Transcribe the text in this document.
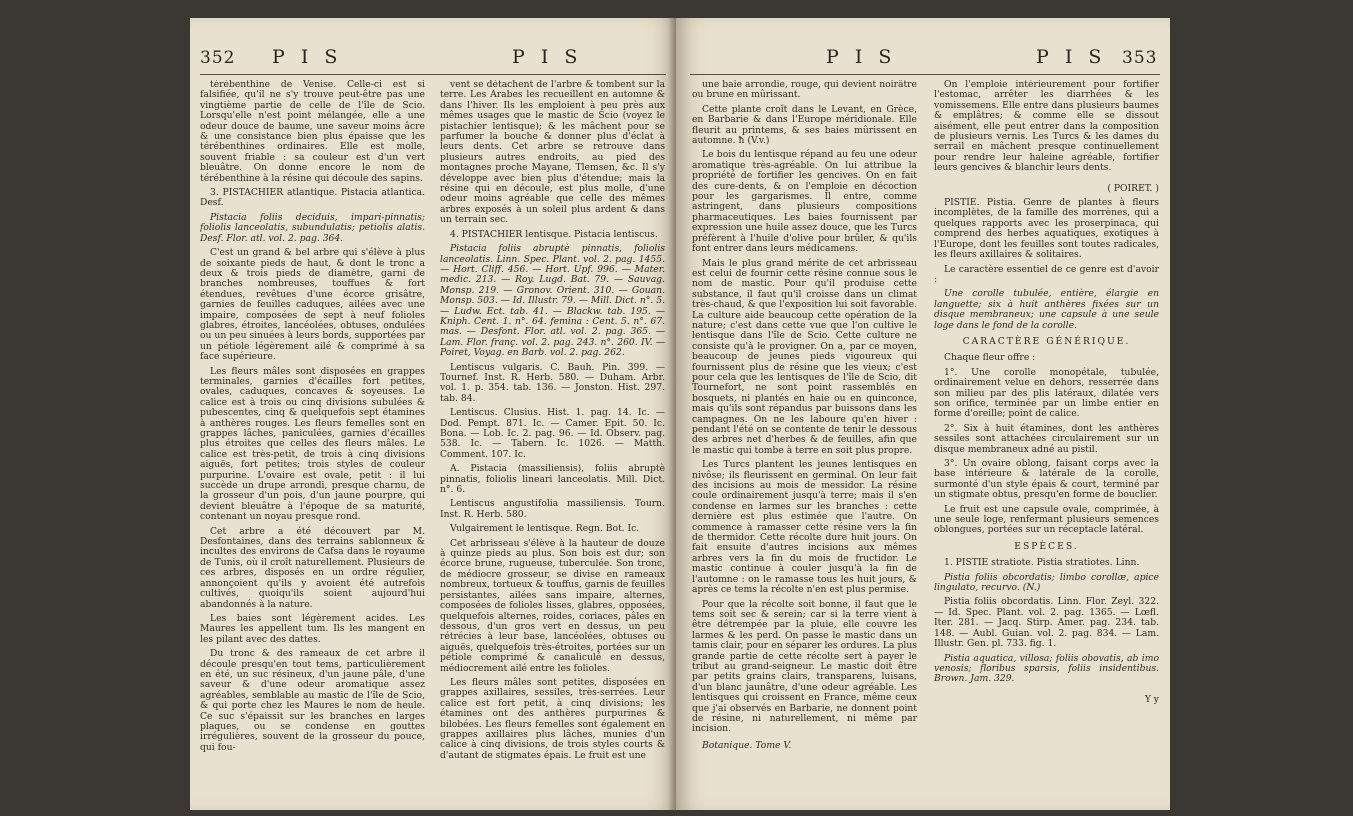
352 P I S	P I S

térébenthine de Venise. Celle-ci est si falsifiée, qu'il ne s'y trouve peut-être pas une vingtième partie de celle de l'île de Scio. Lorsqu'elle n'est point mélangée, elle a une odeur douce de baume, une saveur moins âcre & une consistance bien plus épaisse que les térébenthines ordinaires. Elle est molle, souvent friable : sa couleur est d'un vert bleuâtre. On donne encore le nom de térébenthine à la résine qui découle des sapins.

3. PISTACHIER atlantique. Pistacia atlantica. Desf.

Pistacia foliis deciduis, impari-pinnatis; foliolis lanceolatis, subundulatis; petiolis alatis. Desf. Flor. atl. vol. 2. pag. 364.

C'est un grand & bel arbre qui s'élève à plus de soixante pieds de haut, & dont le tronc a deux & trois pieds de diamètre, garni de branches nombreuses, touffues & fort étendues, revêtues d'une écorce grisâtre, garnies de feuilles caduques, ailées avec une impaire, composées de sept à neuf folioles glabres, étroites, lancéolées, obtuses, ondulées ou un peu sinuées à leurs bords, supportées par un pétiole légèrement ailé & comprimé à sa face supérieure.

Les fleurs mâles sont disposées en grappes terminales, garnies d'écailles fort petites, ovales, caduques, concaves & soyeuses. Le calice est à trois ou cinq divisions subulées & pubescentes, cinq & quelquefois sept étamines à anthères rouges. Les fleurs femelles sont en grappes lâches, paniculées, garnies d'écailles plus étroites que celles des fleurs mâles. Le calice est très-petit, de trois à cinq divisions aiguës, fort petites; trois styles de couleur purpurine. L'ovaire est ovale, petit : il lui succède un drupe arrondi, presque charnu, de la grosseur d'un pois, d'un jaune pourpre, qui devient bleuâtre à l'époque de sa maturité, contenant un noyau presque rond.

Cet arbre a été découvert par M. Desfontaines, dans des terrains sablonneux & incultes des environs de Cafsa dans le royaume de Tunis, où il croît naturellement. Plusieurs de ces arbres, disposés en un ordre régulier, annonçoient qu'ils y avoient été autrefois cultivés, quoiqu'ils soient aujourd'hui abandonnés à la nature.

Les baies sont légèrement acides. Les Maures les appellent tum. Ils les mangent en les pilant avec des dattes.

Du tronc & des rameaux de cet arbre il découle presqu'en tout tems, particulièrement en été, un suc résineux, d'un jaune pâle, d'une saveur & d'une odeur aromatique assez agréables, semblable au mastic de l'île de Scio, & qui porte chez les Maures le nom de heule. Ce suc s'épaissit sur les branches en larges plaques, ou se condense en gouttes irrégulières, souvent de la grosseur du pouce, qui fou-

vent se détachent de l'arbre & tombent sur la terre. Les Arabes les recueillent en automne & dans l'hiver. Ils les emploient à peu près aux mêmes usages que le mastic de Scio (voyez le pistachier lentisque); & les mâchent pour se parfumer la bouche & donner plus d'éclat à leurs dents. Cet arbre se retrouve dans plusieurs autres endroits, au pied des montagnes proche Mayane, Tlemsen, &c. Il s'y développe avec bien plus d'étendue; mais la résine qui en découle, est plus molle, d'une odeur moins agréable que celle des mêmes arbres exposés à un soleil plus ardent & dans un terrain sec.

4. PISTACHIER lentisque. Pistacia lentiscus.

Pistacia foliis abruptè pinnatis, foliolis lanceolatis. Linn. Spec. Plant. vol. 2. pag. 1455. — Hort. Cliff. 456. — Hort. Upf. 996. — Mater. medic. 213. — Roy. Lugd. Bat. 79. — Sauvag. Monsp. 219. — Gronov. Orient. 310. — Gouan. Monsp. 503. — Id. Illustr. 79. — Mill. Dict. n°. 5. — Ludw. Ect. tab. 41. — Blackw. tab. 195. — Kniph. Cent. 1. n°. 64. femina : Cent. 5. n°. 67. mas. — Desfont. Flor. atl. vol. 2. pag. 365. — Lam. Flor. franç. vol. 2. pag. 243. n°. 260. IV. — Poiret, Voyag. en Barb. vol. 2. pag. 262.

Lentiscus vulgaris. C. Bauh. Pin. 399. — Tournef. Inst. R. Herb. 580. — Duham. Arbr. vol. 1. p. 354. tab. 136. — Jonston. Hist. 297. tab. 84.

Lentiscus. Clusius. Hist. 1. pag. 14. Ic. — Dod. Pempt. 871. Ic. — Camer. Epit. 50. Ic. Bona. — Lob. Ic. 2. pag. 96. — Id. Observ. pag. 538. Ic. — Tabern. Ic. 1026. — Matth. Comment. 107. Ic.

A. Pistacia (massiliensis), foliis abruptè pinnatis, foliolis lineari lanceolatis. Mill. Dict. n°. 6.

Lentiscus angustifolia massiliensis. Tourn. Inst. R. Herb. 580.

Vulgairement le lentisque. Regn. Bot. Ic.

Cet arbrisseau s'élève à la hauteur de douze à quinze pieds au plus. Son bois est dur; son écorce brune, rugueuse, tuberculée. Son tronc, de médiocre grosseur, se divise en rameaux nombreux, tortueux & touffus, garnis de feuilles persistantes, ailées sans impaire, alternes, composées de folioles lisses, glabres, opposées, quelquefois alternes, roides, coriaces, pâles en dessous, d'un gros vert en dessus, un peu rétrécies à leur base, lancéolées, obtuses ou aiguës, quelquefois très-étroites, portées sur un pétiole comprimé & canaliculé en dessus, médiocrement ailé entre les folioles.

Les fleurs mâles sont petites, disposées en grappes axillaires, sessiles, très-serrées. Leur calice est fort petit, à cinq divisions; les étamines ont des anthères purpurines & bilobées. Les fleurs femelles sont également en grappes axillaires plus lâches, munies d'un calice à cinq divisions, de trois styles courts & d'autant de stigmates épais. Le fruit est une

P I S	P I S 353

une baie arrondie, rouge, qui devient noirâtre ou brune en mûrissant.

Cette plante croît dans le Levant, en Grèce, en Barbarie & dans l'Europe méridionale. Elle fleurit au printems, & ses baies mûrissent en automne. ħ (V.v.)

Le bois du lentisque répand au feu une odeur aromatique très-agréable. On lui attribue la propriété de fortifier les gencives. On en fait des cure-dents, & on l'emploie en décoction pour les gargarismes. Il entre, comme astringent, dans plusieurs compositions pharmaceutiques. Les baies fournissent par expression une huile assez douce, que les Turcs préfèrent à l'huile d'olive pour brûler, & qu'ils font entrer dans leurs médicamens.

Mais le plus grand mérite de cet arbrisseau est celui de fournir cette résine connue sous le nom de mastic. Pour qu'il produise cette substance, il faut qu'il croisse dans un climat très-chaud, & que l'exposition lui soit favorable. La culture aide beaucoup cette opération de la nature; c'est dans cette vue que l'on cultive le lentisque dans l'île de Scio. Cette culture ne consiste qu'à le provigner. On a, par ce moyen, beaucoup de jeunes pieds vigoureux qui fournissent plus de résine que les vieux; c'est pour cela que les lentisques de l'île de Scio, dit Tournefort, ne sont point rassemblés en bosquets, ni plantés en haie ou en quinconce, mais qu'ils sont répandus par buissons dans les campagnes. On ne les laboure qu'en hiver : pendant l'été on se contente de tenir le dessous des arbres net d'herbes & de feuilles, afin que le mastic qui tombe à terre en soit plus propre.

Les Turcs plantent les jeunes lentisques en nivôse; ils fleurissent en germinal. On leur fait des incisions au mois de messidor. La résine coule ordinairement jusqu'à terre; mais il s'en condense en larmes sur les branches : cette dernière est plus estimée que l'autre. On commence à ramasser cette résine vers la fin de thermidor. Cette récolte dure huit jours. On fait ensuite d'autres incisions aux mêmes arbres vers la fin du mois de fructidor. Le mastic continue à couler jusqu'à la fin de l'automne : on le ramasse tous les huit jours, & après ce tems la récolte n'en est plus permise.

Pour que la récolte soit bonne, il faut que le tems soit sec & serein; car si la terre vient à être détrempée par la pluie, elle couvre les larmes & les perd. On passe le mastic dans un tamis clair, pour en séparer les ordures. La plus grande partie de cette récolte sert à payer le tribut au grand-seigneur. Le mastic doit être par petits grains clairs, transparens, luisans, d'un blanc jaunâtre, d'une odeur agréable. Les lentisques qui croissent en France, même ceux que j'ai observés en Barbarie, ne donnent point de résine, ni naturellement, ni même par incision.

Botanique. Tome V.

On l'emploie intérieurement pour fortifier l'estomac, arrêter les diarrhées & les vomissemens. Elle entre dans plusieurs baumes & emplâtres; & comme elle se dissout aisément, elle peut entrer dans la composition de plusieurs vernis. Les Turcs & les dames du serrail en mâchent presque continuellement pour rendre leur haleine agréable, fortifier leurs gencives & blanchir leurs dents.

( POIRET. )

PISTIE. Pistia. Genre de plantes à fleurs incomplètes, de la famille des morrènes, qui a quelques rapports avec les proserpinaca, qui comprend des herbes aquatiques, exotiques à l'Europe, dont les feuilles sont toutes radicales, les fleurs axillaires & solitaires.

Le caractère essentiel de ce genre est d'avoir :

Une corolle tubulée, entière, élargie en languette; six à huit anthères fixées sur un disque membraneux; une capsule à une seule loge dans le fond de la corolle.

CARACTÈRE GÉNÉRIQUE.

Chaque fleur offre :

1°. Une corolle monopétale, tubulée, ordinairement velue en dehors, resserrée dans son milieu par des plis latéraux, dilatée vers son orifice, terminée par un limbe entier en forme d'oreille; point de calice.

2°. Six à huit étamines, dont les anthères sessiles sont attachées circulairement sur un disque membraneux adné au pistil.

3°. Un ovaire oblong, faisant corps avec la base intérieure & latérale de la corolle, surmonté d'un style épais & court, terminé par un stigmate obtus, presqu'en forme de bouclier.

Le fruit est une capsule ovale, comprimée, à une seule loge, renfermant plusieurs semences oblongues, portées sur un réceptacle latéral.

ESPÈCES.

1. PISTIE stratiote. Pistia stratiotes. Linn.

Pistia foliis obcordatis; limbo corollæ, apice lingulato, recurvo. (N.)

Pistia foliis obcordatis. Linn. Flor. Zeyl. 322. — Id. Spec. Plant. vol. 2. pag. 1365. — Lœfl. Iter. 281. — Jacq. Stirp. Amer. pag. 234. tab. 148. — Aubl. Guian. vol. 2. pag. 834. — Lam. Illustr. Gen. pl. 733. fig. 1.

Pistia aquatica, villosa; foliis obovatis, ab imo venosis; floribus sparsis, foliis insidentibus. Brown. Jam. 329.

Y y
